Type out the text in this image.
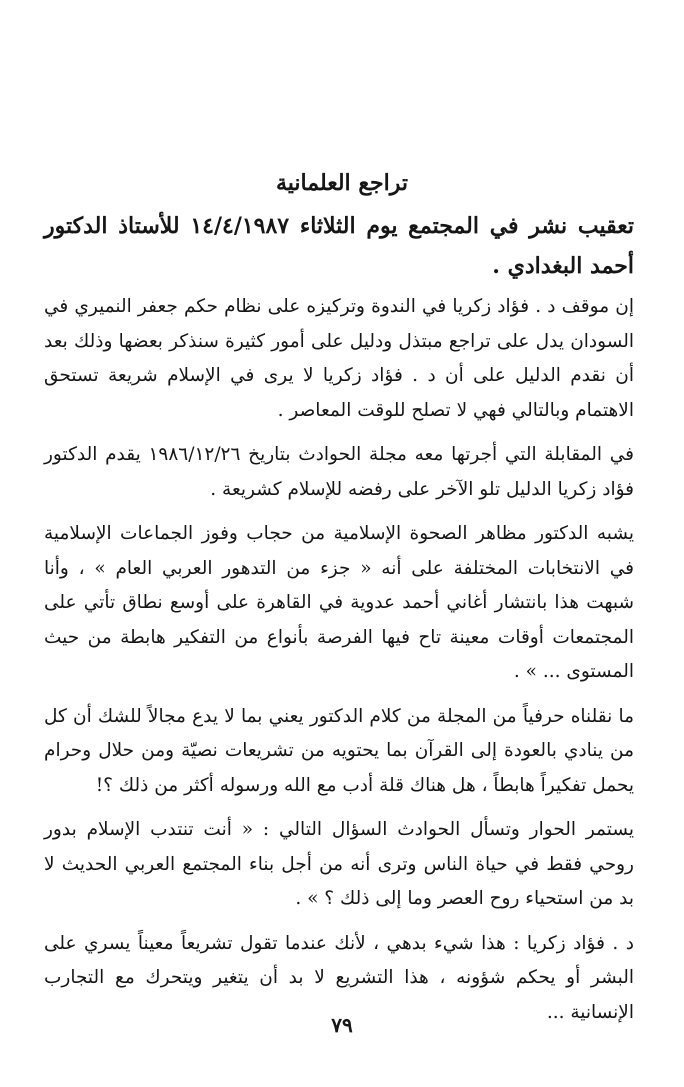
تراجع العلمانية
تعقيب نشر في المجتمع يوم الثلاثاء ١٤/٤/١٩٨٧ للأستاذ الدكتور أحمد البغدادي .

إن موقف د . فؤاد زكريا في الندوة وتركيزه على نظام حكم جعفر النميري في السودان يدل على تراجع مبتذل ودليل على أمور كثيرة سنذكر بعضها وذلك بعد أن نقدم الدليل على أن د . فؤاد زكريا لا يرى في الإسلام شريعة تستحق الاهتمام وبالتالي فهي لا تصلح للوقت المعاصر .

في المقابلة التي أجرتها معه مجلة الحوادث بتاريخ ١٩٨٦/١٢/٢٦ يقدم الدكتور فؤاد زكريا الدليل تلو الآخر على رفضه للإسلام كشريعة .

يشبه الدكتور مظاهر الصحوة الإسلامية من حجاب وفوز الجماعات الإسلامية في الانتخابات المختلفة على أنه « جزء من التدهور العربي العام » ، وأنا شبهت هذا بانتشار أغاني أحمد عدوية في القاهرة على أوسع نطاق تأتي على المجتمعات أوقات معينة تاح فيها الفرصة بأنواع من التفكير هابطة من حيث المستوى ... » .

ما نقلناه حرفياً من المجلة من كلام الدكتور يعني بما لا يدع مجالاً للشك أن كل من ينادي بالعودة إلى القرآن بما يحتويه من تشريعات نصيّة ومن حلال وحرام يحمل تفكيراً هابطاً ، هل هناك قلة أدب مع الله ورسوله أكثر من ذلك ؟!

يستمر الحوار وتسأل الحوادث السؤال التالي : « أنت تنتدب الإسلام بدور روحي فقط في حياة الناس وترى أنه من أجل بناء المجتمع العربي الحديث لا بد من استحياء روح العصر وما إلى ذلك ؟ » .

د . فؤاد زكريا : هذا شيء بدهي ، لأنك عندما تقول تشريعاً معيناً يسري على البشر أو يحكم شؤونه ، هذا التشريع لا بد أن يتغير ويتحرك مع التجارب الإنسانية ...

٧٩
